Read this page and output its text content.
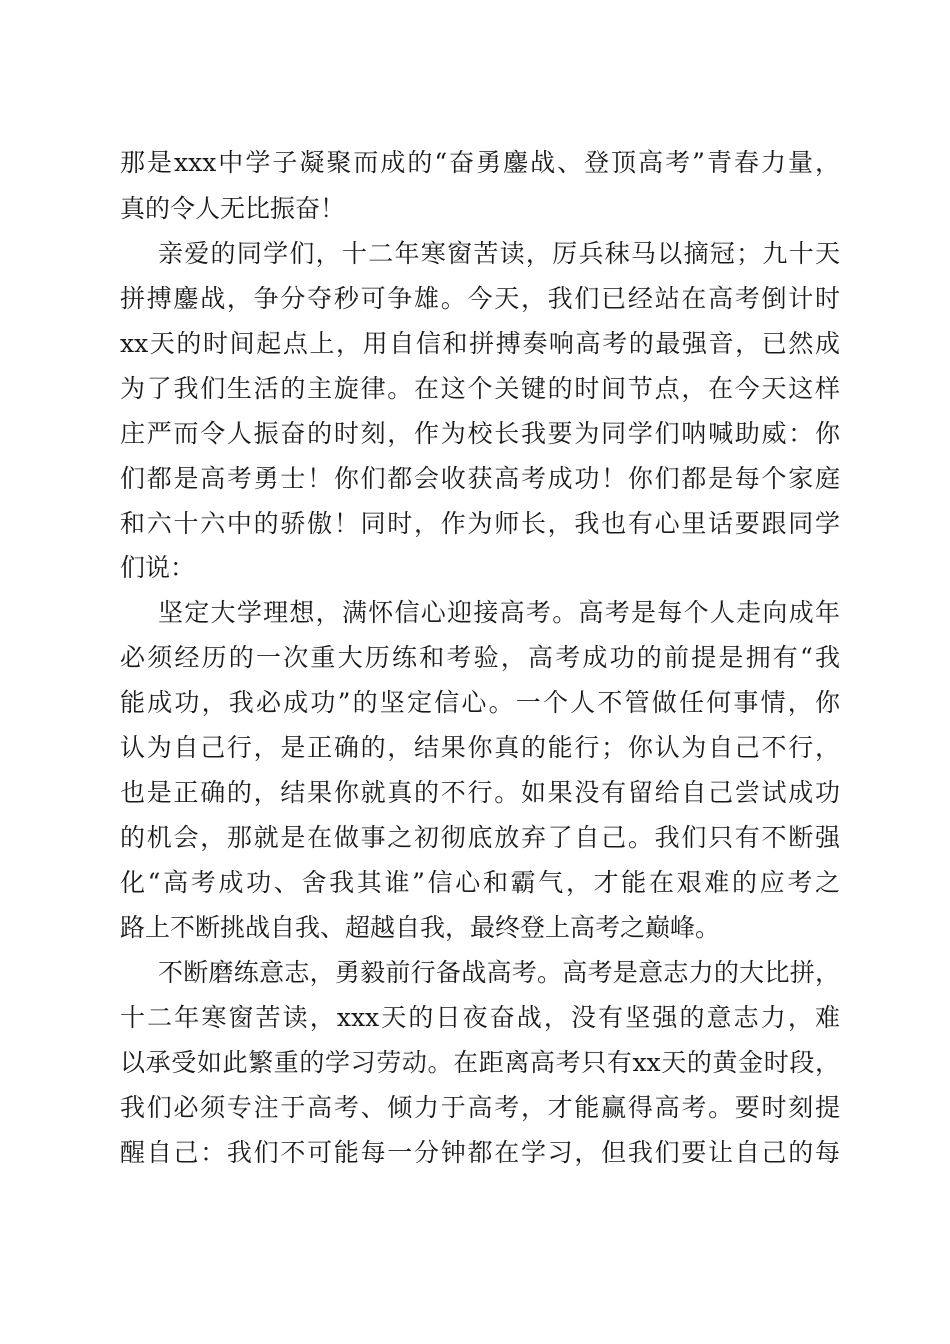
那是xxx中学子凝聚而成的“奋勇鏖战、登顶高考”青春力量，
真的令人无比振奋！
亲爱的同学们，十二年寒窗苦读，厉兵秣马以摘冠；九十天
拼搏鏖战，争分夺秒可争雄。今天，我们已经站在高考倒计时
xx天的时间起点上，用自信和拼搏奏响高考的最强音，已然成
为了我们生活的主旋律。在这个关键的时间节点，在今天这样
庄严而令人振奋的时刻，作为校长我要为同学们呐喊助威：你
们都是高考勇士！你们都会收获高考成功！你们都是每个家庭
和六十六中的骄傲！同时，作为师长，我也有心里话要跟同学
们说：
坚定大学理想，满怀信心迎接高考。高考是每个人走向成年
必须经历的一次重大历练和考验，高考成功的前提是拥有“我
能成功，我必成功”的坚定信心。一个人不管做任何事情，你
认为自己行，是正确的，结果你真的能行；你认为自己不行，
也是正确的，结果你就真的不行。如果没有留给自己尝试成功
的机会，那就是在做事之初彻底放弃了自己。我们只有不断强
化“高考成功、舍我其谁”信心和霸气，才能在艰难的应考之
路上不断挑战自我、超越自我，最终登上高考之巅峰。
不断磨练意志，勇毅前行备战高考。高考是意志力的大比拼，
十二年寒窗苦读，xxx天的日夜奋战，没有坚强的意志力，难
以承受如此繁重的学习劳动。在距离高考只有xx天的黄金时段，
我们必须专注于高考、倾力于高考，才能赢得高考。要时刻提
醒自己：我们不可能每一分钟都在学习，但我们要让自己的每
